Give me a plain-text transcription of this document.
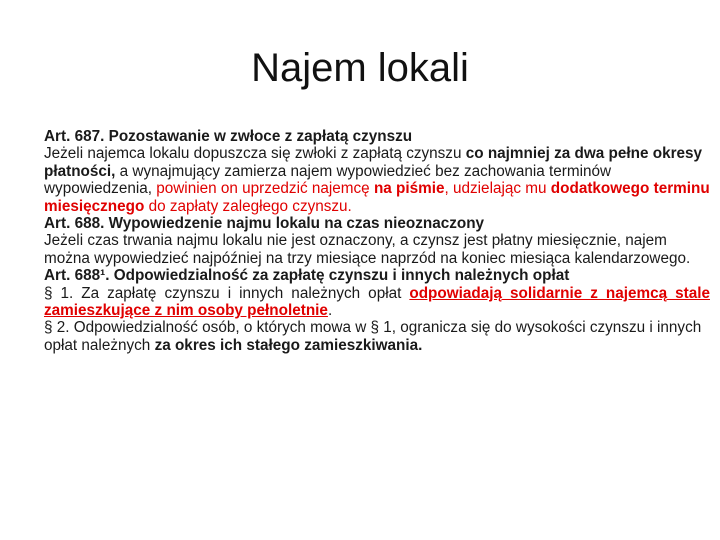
Najem lokali

Art. 687. Pozostawanie w zwłoce z zapłatą czynszu

Jeżeli najemca lokalu dopuszcza się zwłoki z zapłatą czynszu co najmniej za dwa pełne okresy płatności, a wynajmujący zamierza najem wypowiedzieć bez zachowania terminów wypowiedzenia, powinien on uprzedzić najemcę na piśmie, udzielając mu dodatkowego terminu miesięcznego do zapłaty zaległego czynszu.

Art. 688. Wypowiedzenie najmu lokalu na czas nieoznaczony

Jeżeli czas trwania najmu lokalu nie jest oznaczony, a czynsz jest płatny miesięcznie, najem można wypowiedzieć najpóźniej na trzy miesiące naprzód na koniec miesiąca kalendarzowego.

Art. 688¹. Odpowiedzialność za zapłatę czynszu i innych należnych opłat

§ 1. Za zapłatę czynszu i innych należnych opłat odpowiadają solidarnie z najemcą stale zamieszkujące z nim osoby pełnoletnie.

§ 2. Odpowiedzialność osób, o których mowa w § 1, ogranicza się do wysokości czynszu i innych opłat należnych za okres ich stałego zamieszkiwania.
